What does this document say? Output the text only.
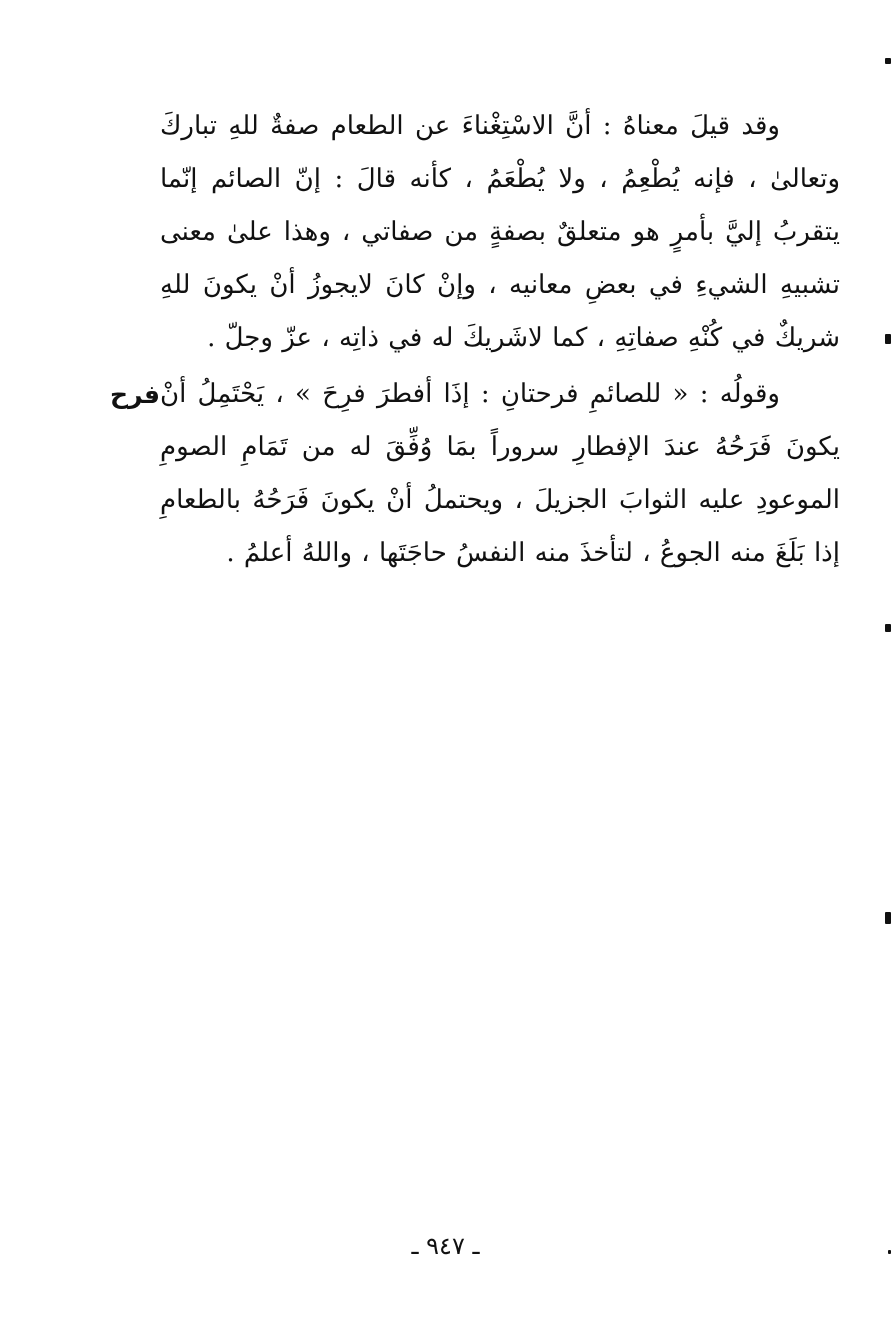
وقد قيلَ معناهُ : أنَّ الاسْتِغْناءَ عن الطعام صفةٌ للهِ تباركَ وتعالىٰ ، فإنه يُطْعِمُ ، ولا يُطْعَمُ ، كأنه قالَ : إنّ الصائم إنّما يتقربُ إليَّ بأمرٍ هو متعلقٌ بصفةٍ من صفاتي ، وهذا علىٰ معنى تشبيهِ الشيءِ في بعضِ معانيه ، وإنْ كانَ لايجوزُ أنْ يكونَ للهِ شريكٌ في كُنْهِ صفاتِهِ ، كما لاشَريكَ له في ذاتِه ، عزّ وجلّ .

وقولُه : « للصائمِ فرحتانِ : إذَا أفطرَ فرِحَ » ، يَحْتَمِلُ أنْ يكونَ فَرَحُهُ عندَ الإفطارِ سروراً بمَا وُفِّقَ له من تَمَامِ الصومِ الموعودِ عليه الثوابَ الجزيلَ ، ويحتملُ أنْ يكونَ فَرَحُهُ بالطعامِ إذا بَلَغَ منه الجوعُ ، لتأخذَ منه النفسُ حاجَتَها ، واللهُ أعلمُ .

فرح
ـ ٩٤٧ ـ
